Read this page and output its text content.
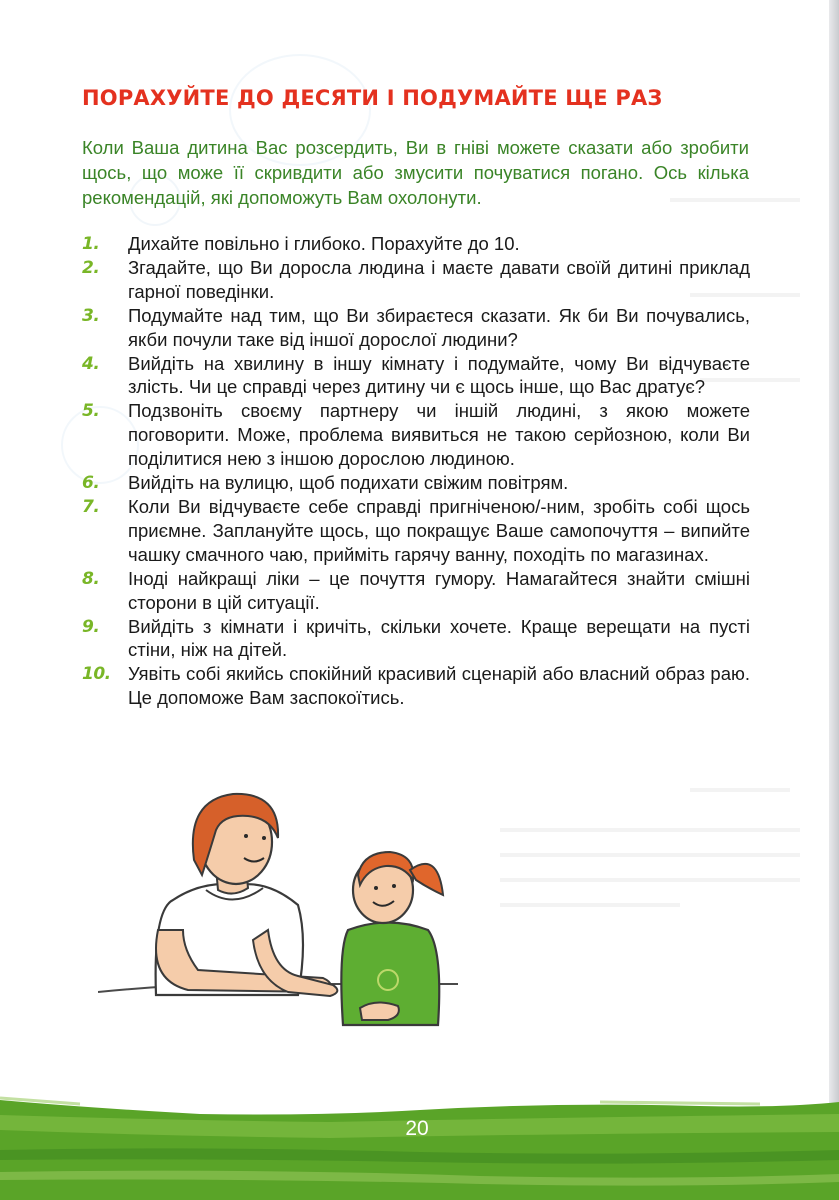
ПОРАХУЙТЕ ДО ДЕСЯТИ І ПОДУМАЙТЕ ЩЕ РАЗ

Коли Ваша дитина Вас розсердить, Ви в гніві можете сказати або зробити щось, що може її скривдити або змусити почуватися погано. Ось кілька рекомендацій, які допоможуть Вам охолонути.

1. Дихайте повільно і глибоко. Порахуйте до 10.
2. Згадайте, що Ви доросла людина і маєте давати своїй дитині приклад гарної поведінки.
3. Подумайте над тим, що Ви збираєтеся сказати. Як би Ви почувались, якби почули таке від іншої дорослої людини?
4. Вийдіть на хвилину в іншу кімнату і подумайте, чому Ви відчуваєте злість. Чи це справді через дитину чи є щось інше, що Вас дратує?
5. Подзвоніть своєму партнеру чи іншій людині, з якою можете поговорити. Може, проблема виявиться не такою серйозною, коли Ви поділитися нею з іншою дорослою людиною.
6. Вийдіть на вулицю, щоб подихати свіжим повітрям.
7. Коли Ви відчуваєте себе справді пригніченою/-ним, зробіть собі щось приємне. Заплануйте щось, що покращує Ваше самопочуття – випийте чашку смачного чаю, прийміть гарячу ванну, походіть по магазинах.
8. Іноді найкращі ліки – це почуття гумору. Намагайтеся знайти смішні сторони в цій ситуації.
9. Вийдіть з кімнати і кричіть, скільки хочете. Краще верещати на пусті стіни, ніж на дітей.
10. Уявіть собі якийсь спокійний красивий сценарій або власний образ раю. Це допоможе Вам заспокоїтись.
20
